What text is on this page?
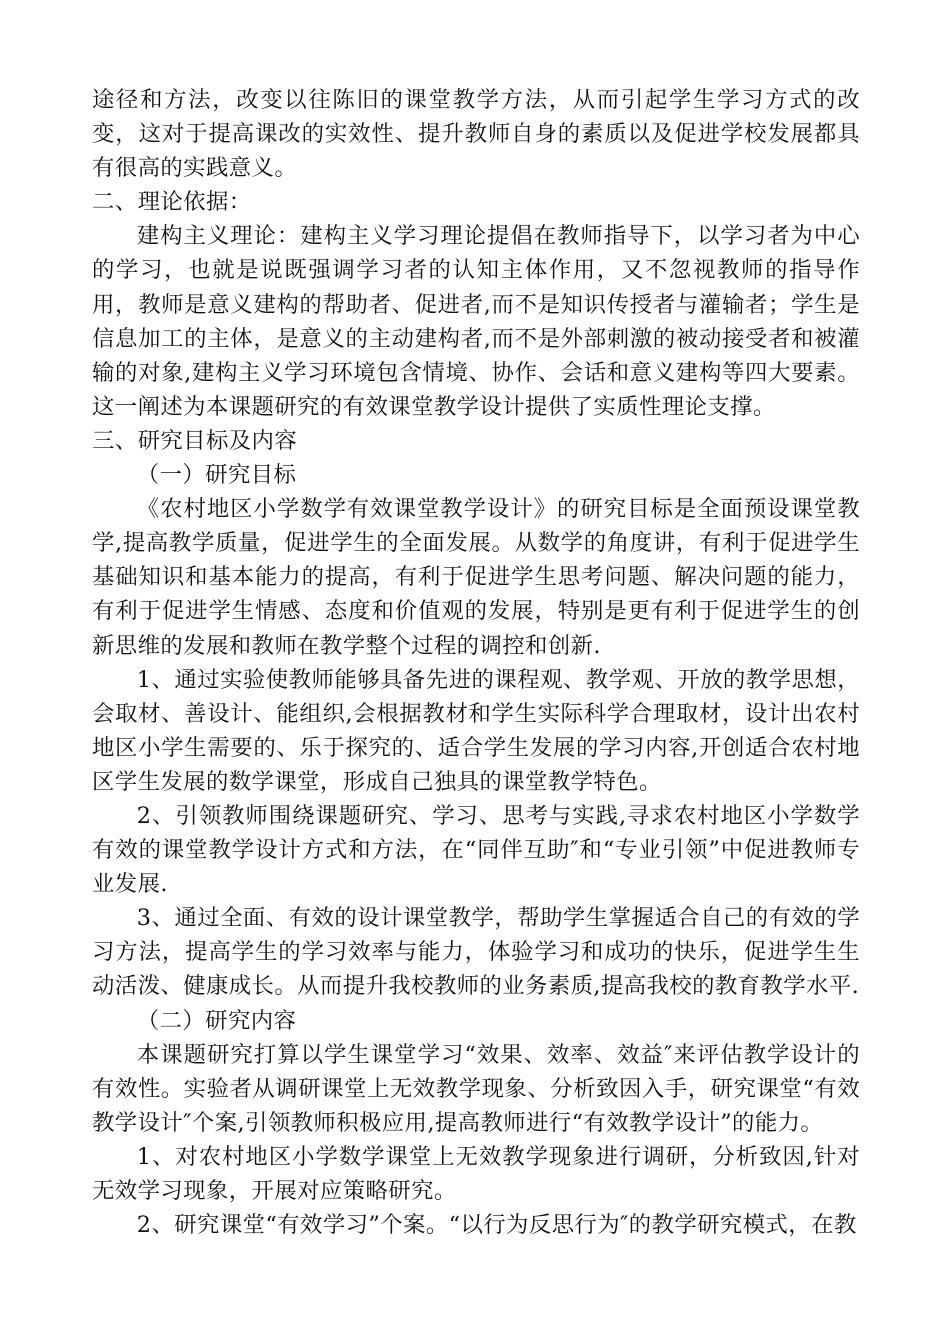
途径和方法，改变以往陈旧的课堂教学方法，从而引起学生学习方式的改变，这对于提高课改的实效性、提升教师自身的素质以及促进学校发展都具有很高的实践意义。

二、理论依据：

建构主义理论：建构主义学习理论提倡在教师指导下，以学习者为中心的学习，也就是说既强调学习者的认知主体作用，又不忽视教师的指导作用，教师是意义建构的帮助者、促进者,而不是知识传授者与灌输者；学生是信息加工的主体，是意义的主动建构者,而不是外部刺激的被动接受者和被灌输的对象,建构主义学习环境包含情境、协作、会话和意义建构等四大要素。这一阐述为本课题研究的有效课堂教学设计提供了实质性理论支撑。

三、研究目标及内容

（一）研究目标

《农村地区小学数学有效课堂教学设计》的研究目标是全面预设课堂教学,提高教学质量，促进学生的全面发展。从数学的角度讲，有利于促进学生基础知识和基本能力的提高，有利于促进学生思考问题、解决问题的能力，有利于促进学生情感、态度和价值观的发展，特别是更有利于促进学生的创新思维的发展和教师在教学整个过程的调控和创新.

1、通过实验使教师能够具备先进的课程观、教学观、开放的教学思想，会取材、善设计、能组织,会根据教材和学生实际科学合理取材，设计出农村地区小学生需要的、乐于探究的、适合学生发展的学习内容,开创适合农村地区学生发展的数学课堂，形成自己独具的课堂教学特色。

2、引领教师围绕课题研究、学习、思考与实践,寻求农村地区小学数学有效的课堂教学设计方式和方法，在“同伴互助″和“专业引领”中促进教师专业发展.

3、通过全面、有效的设计课堂教学，帮助学生掌握适合自己的有效的学习方法，提高学生的学习效率与能力，体验学习和成功的快乐，促进学生生动活泼、健康成长。从而提升我校教师的业务素质,提高我校的教育教学水平.

（二）研究内容

本课题研究打算以学生课堂学习“效果、效率、效益″来评估教学设计的有效性。实验者从调研课堂上无效教学现象、分析致因入手，研究课堂“有效教学设计″个案,引领教师积极应用,提高教师进行“有效教学设计”的能力。

1、对农村地区小学数学课堂上无效教学现象进行调研，分析致因,针对无效学习现象，开展对应策略研究。

2、研究课堂“有效学习”个案。“以行为反思行为″的教学研究模式，在教
